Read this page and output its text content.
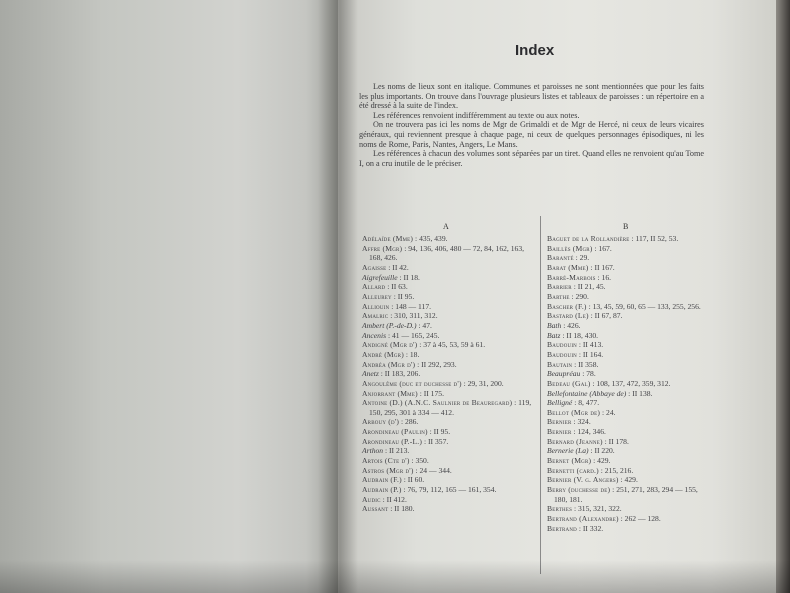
Index

Les noms de lieux sont en italique. Communes et paroisses ne sont mentionnées que pour les faits les plus importants. On trouve dans l'ouvrage plusieurs listes et tableaux de paroisses : un répertoire en a été dressé à la suite de l'index.

Les références renvoient indifféremment au texte ou aux notes.

On ne trouvera pas ici les noms de Mgr de Grimaldi et de Mgr de Hercé, ni ceux de leurs vicaires généraux, qui reviennent presque à chaque page, ni ceux de quelques personnages épisodiques, ni les noms de Rome, Paris, Nantes, Angers, Le Mans.

Les références à chacun des volumes sont séparées par un tiret. Quand elles ne renvoient qu'au Tome I, on a cru inutile de le préciser.

A	B

Adélaïde (Mme) : 435, 439.

Affre (Mgr) : 94, 136, 406, 480 — 72, 84, 162, 163, 168, 426.

Agaisse : II 42.

Aigrefeuille : II 18.

Allard : II 63.

Alleurey : II 95.

Alliouin : 148 — 117.

Amalric : 310, 311, 312.

Ambert (P.-de-D.) : 47.

Ancenis : 41 — 165, 245.

Andigné (Mgr d') : 37 à 45, 53, 59 à 61.

André (Mgr) : 18.

Andréa (Mgr d') : II 292, 293.

Anetz : II 183, 206.

Angoulême (duc et duchesse d') : 29, 31, 200.

Anjorrant (Mme) : II 175.

Antoine (D.) (A.N.C. Saulnier de Beauregard) : 119, 150, 295, 301 à 334 — 412.

Arbouy (d') : 286.

Arondineau (Paulin) : II 95.

Arondineau (P.-L.) : II 357.

Arthon : II 213.

Artois (Cte d') : 350.

Astros (Mgr d') : 24 — 344.

Audrain (F.) : II 60.

Audrain (P.) : 76, 79, 112, 165 — 161, 354.

Audic : II 412.

Aussant : II 180.

Baguet de la Rollandière : 117, II 52, 53.

Baillès (Mgr) : 167.

Baranté : 29.

Barat (Mme) : II 167.

Barré-Marbois : 16.

Barrier : II 21, 45.

Barthe : 290.

Bascher (F.) : 13, 45, 59, 60, 65 — 133, 255, 256.

Bastard (Le) : II 67, 87.

Bath : 426.

Batz : II 18, 430.

Baudouin : II 413.

Baudouin : II 164.

Bautain : II 358.

Beaupréau : 78.

Bedeau (Gal) : 108, 137, 472, 359, 312.

Bellefontaine (Abbaye de) : II 138.

Belligné : 8, 477.

Bellot (Mgr de) : 24.

Bernier : 324.

Bernier : 124, 346.

Bernard (Jeanne) : II 178.

Bernerie (La) : II 220.

Bernet (Mgr) : 429.

Bernetti (card.) : 215, 216.

Bernier (V. g. Angers) : 429.

Berry (duchesse de) : 251, 271, 283, 294 — 155, 180, 181.

Berthes : 315, 321, 322.

Bertrand (Alexandre) : 262 — 128.

Bertrand : II 332.
